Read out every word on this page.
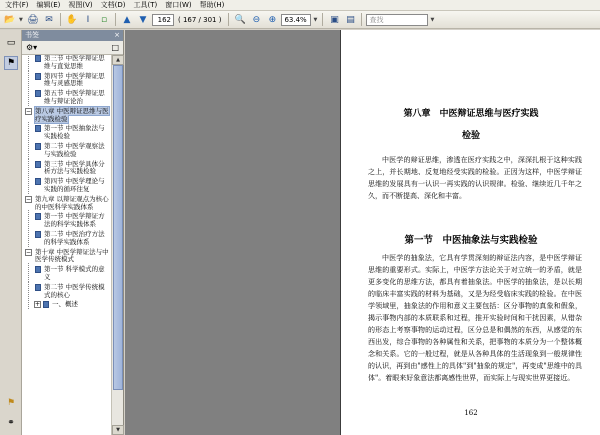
文件(F)	编辑(E)	视图(V)	文档(D)	工具(T)	窗口(W)	帮助(H)
📂 ▼ 🖨 ✉	✋	I	▫	▲	▼	162	( 167 / 301 )	🔍 ⊖ ⊕	63.4%	▼	▣ ▤	查找	▼
▭
⚑
⚑
⚭
书签	×
⚙▾	□
第三节 中医学辩证思维与直觉思维
第四节 中医学辩证思维与灵感思维
第五节 中医学辩证思维与辩证论治
− 第八章 中医辩证思维与医疗实践检验
第一节 中医抽象法与实践检验
第二节 中医学观察法与实践检验
第三节 中医学具体分析方法与实践检验
第四节 中医学理论与实践的循环往复
− 第九章 以辩证观点为核心的中医科学实践体系
第一节 中医学辩证方法的科学实践体系
第二节 中医治疗方法的科学实践体系
− 第十章 中医学辩证法与中医学传统模式
第一节 科学模式的意义
第二节 中医学传统模式的核心
+ 一、概述
▲
▼
第八章　中医辩证思维与医疗实践
检验
中医学的辩证思维，渗透在医疗实践之中，深深扎根于这种实践之上，并长期地、反复地经受实践的检验。正因为这样，中医学辩证思维的发展具有一认识一再实践的认识规律。检验、继续近几千年之久，而不断提高、深化和丰富。
第一节　中医抽象法与实践检验
中医学的抽象法，它具有学贯深刻的辩证法内容，是中医学辩证思维的重要形式。实际上，中医学方法论关于对立统一的矛盾，就是更多变化的思维方法，都具有着抽象法。中医学的抽象法，是以长期的临床丰富实践的材料为基础，又是为经受临床实践的检验。在中医学领域里，抽象法的作用和意义主要包括：区分事物的真象和假象，揭示事物内部的本质联系和过程，推开实验时间和干扰因素，从错杂的形态上考察事物的运动过程，区分总是和偶然的东西，从感觉的东西出发，综合事物的各种属性和关系，把事物的本质分为一个整体概念和关系。它的一般过程，就是从各种具体的生活现象到一般规律性的认识，再到由"感性上的具体"到"抽象的规定"，再变成"思维中的具体"。着眼来好象意法都离感性世界，而实际上与现实世界更接近。
162
